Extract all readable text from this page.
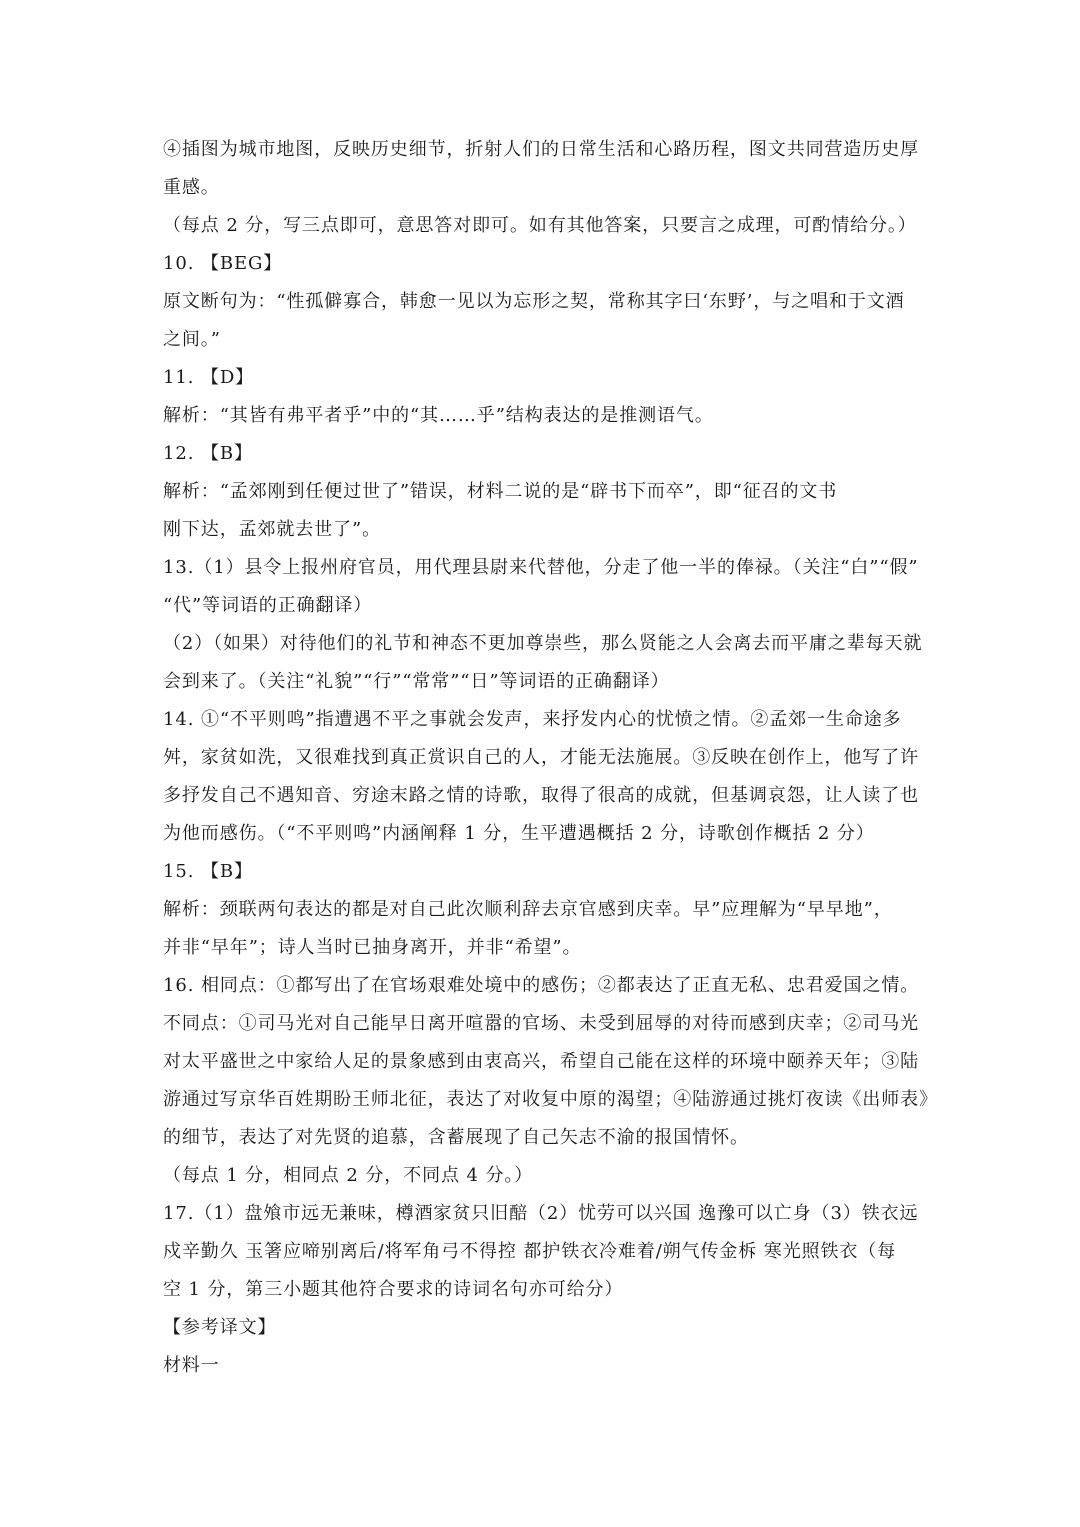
④插图为城市地图，反映历史细节，折射人们的日常生活和心路历程，图文共同营造历史厚
重感。
（每点 2 分，写三点即可，意思答对即可。如有其他答案，只要言之成理，可酌情给分。）
10. 【BEG】
原文断句为：“性孤僻寡合，韩愈一见以为忘形之契，常称其字曰‘东野’，与之唱和于文酒
之间。”
11. 【D】
解析：“其皆有弗平者乎”中的“其……乎”结构表达的是推测语气。
12. 【B】
解析：“孟郊刚到任便过世了”错误，材料二说的是“辟书下而卒”，即“征召的文书
刚下达，孟郊就去世了”。
13.（1）县令上报州府官员，用代理县尉来代替他，分走了他一半的俸禄。（关注“白”“假”
“代”等词语的正确翻译）
（2）（如果）对待他们的礼节和神态不更加尊崇些，那么贤能之人会离去而平庸之辈每天就
会到来了。（关注“礼貌”“行”“常常”“日”等词语的正确翻译）
14. ①“不平则鸣”指遭遇不平之事就会发声，来抒发内心的忧愤之情。②孟郊一生命途多
舛，家贫如洗，又很难找到真正赏识自己的人，才能无法施展。③反映在创作上，他写了许
多抒发自己不遇知音、穷途末路之情的诗歌，取得了很高的成就，但基调哀怨，让人读了也
为他而感伤。（“不平则鸣”内涵阐释 1 分，生平遭遇概括 2 分，诗歌创作概括 2 分）
15. 【B】
解析：颈联两句表达的都是对自己此次顺利辞去京官感到庆幸。早”应理解为“早早地”，
并非“早年”；诗人当时已抽身离开，并非“希望”。
16. 相同点：①都写出了在官场艰难处境中的感伤；②都表达了正直无私、忠君爱国之情。
不同点：①司马光对自己能早日离开喧嚣的官场、未受到屈辱的对待而感到庆幸；②司马光
对太平盛世之中家给人足的景象感到由衷高兴，希望自己能在这样的环境中颐养天年；③陆
游通过写京华百姓期盼王师北征，表达了对收复中原的渴望；④陆游通过挑灯夜读《出师表》
的细节，表达了对先贤的追慕，含蓄展现了自己矢志不渝的报国情怀。
（每点 1 分，相同点 2 分，不同点 4 分。）
17.（1）盘飧市远无兼味，樽酒家贫只旧醅（2）忧劳可以兴国 逸豫可以亡身（3）铁衣远
戍辛勤久 玉箸应啼别离后/将军角弓不得控 都护铁衣冷难着/朔气传金柝 寒光照铁衣（每
空 1 分，第三小题其他符合要求的诗词名句亦可给分）
【参考译文】
材料一
